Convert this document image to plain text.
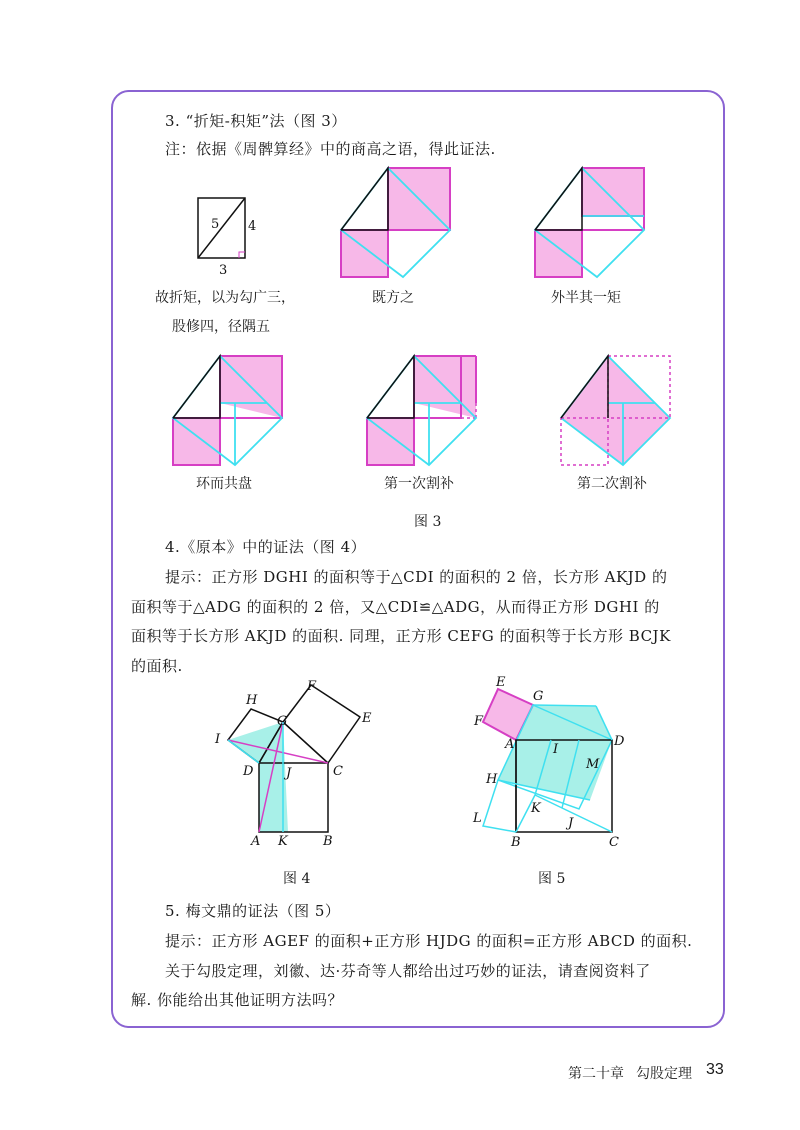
3. “折矩-积矩”法（图 3）
注：依据《周髀算经》中的商高之语，得此证法.
5 4
3
故折矩，以为勾广三，
股修四，径隅五
既方之	外半其一矩
环而共盘	第一次割补	第二次割补
图 3
4.《原本》中的证法（图 4）
提示：正方形 DGHI 的面积等于△CDI 的面积的 2 倍，长方形 AKJD 的
面积等于△ADG 的面积的 2 倍，又△CDI≌△ADG，从而得正方形 DGHI 的
面积等于长方形 AKJD 的面积. 同理，正方形 CEFG 的面积等于长方形 BCJK
的面积.
A K	B
D	J	C
I
H
G
F
E
图 4
E
G
F
A	I
D
M
H
K
L	J
B	C
图 5
5. 梅文鼎的证法（图 5）
提示：正方形 AGEF 的面积+正方形 HJDG 的面积=正方形 ABCD 的面积.
关于勾股定理，刘徽、达·芬奇等人都给出过巧妙的证法，请查阅资料了
解. 你能给出其他证明方法吗？
第二十章 勾股定理 33
